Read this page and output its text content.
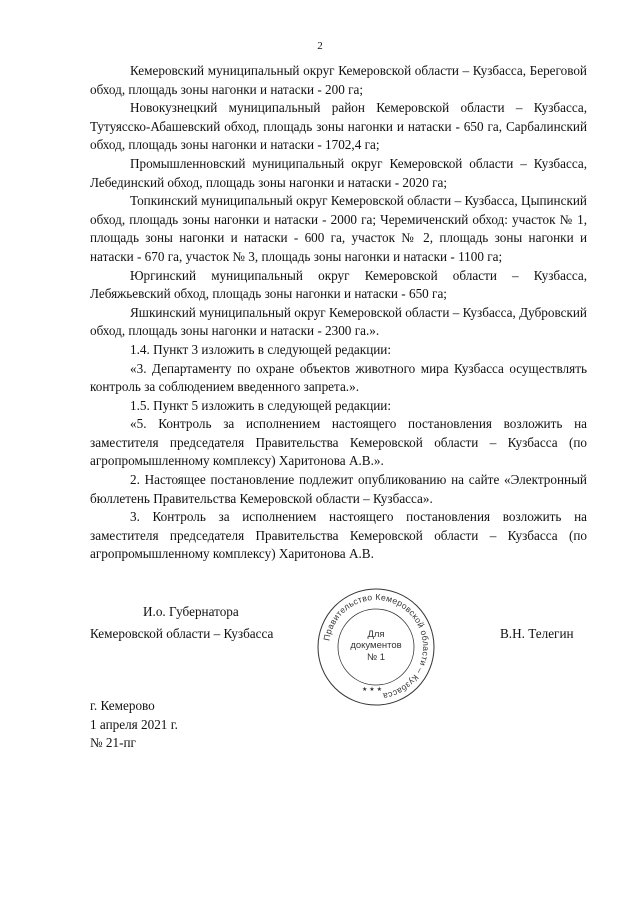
2

Кемеровский муниципальный округ Кемеровской области – Кузбасса, Береговой обход, площадь зоны нагонки и натаски - 200 га;

Новокузнецкий муниципальный район Кемеровской области – Кузбасса, Тутуясско-Абашевский обход, площадь зоны нагонки и натаски - 650 га, Сарбалинский обход, площадь зоны нагонки и натаски - 1702,4 га;

Промышленновский муниципальный округ Кемеровской области – Кузбасса, Лебединский обход, площадь зоны нагонки и натаски - 2020 га;

Топкинский муниципальный округ Кемеровской области – Кузбасса, Цыпинский обход, площадь зоны нагонки и натаски - 2000 га; Черемиченский обход: участок № 1, площадь зоны нагонки и натаски - 600 га, участок № 2, площадь зоны нагонки и натаски - 670 га, участок № 3, площадь зоны нагонки и натаски - 1100 га;

Юргинский муниципальный округ Кемеровской области – Кузбасса, Лебяжьевский обход, площадь зоны нагонки и натаски - 650 га;

Яшкинский муниципальный округ Кемеровской области – Кузбасса, Дубровский обход, площадь зоны нагонки и натаски - 2300 га.».

1.4. Пункт 3 изложить в следующей редакции:

«3. Департаменту по охране объектов животного мира Кузбасса осуществлять контроль за соблюдением введенного запрета.».

1.5. Пункт 5 изложить в следующей редакции:

«5. Контроль за исполнением настоящего постановления возложить на заместителя председателя Правительства Кемеровской области – Кузбасса (по агропромышленному комплексу) Харитонова А.В.».

2. Настоящее постановление подлежит опубликованию на сайте «Электронный бюллетень Правительства Кемеровской области – Кузбасса».

3. Контроль за исполнением настоящего постановления возложить на заместителя председателя Правительства Кемеровской области – Кузбасса (по агропромышленному комплексу) Харитонова А.В.

И.о. Губернатора
Кемеровской области – Кузбасса	В.Н. Телегин
Правительство Кемеровской области – Кузбасса
Для
документов
№ 1
★ ★ ★
г. Кемерово
1 апреля 2021 г.
№ 21-пг
